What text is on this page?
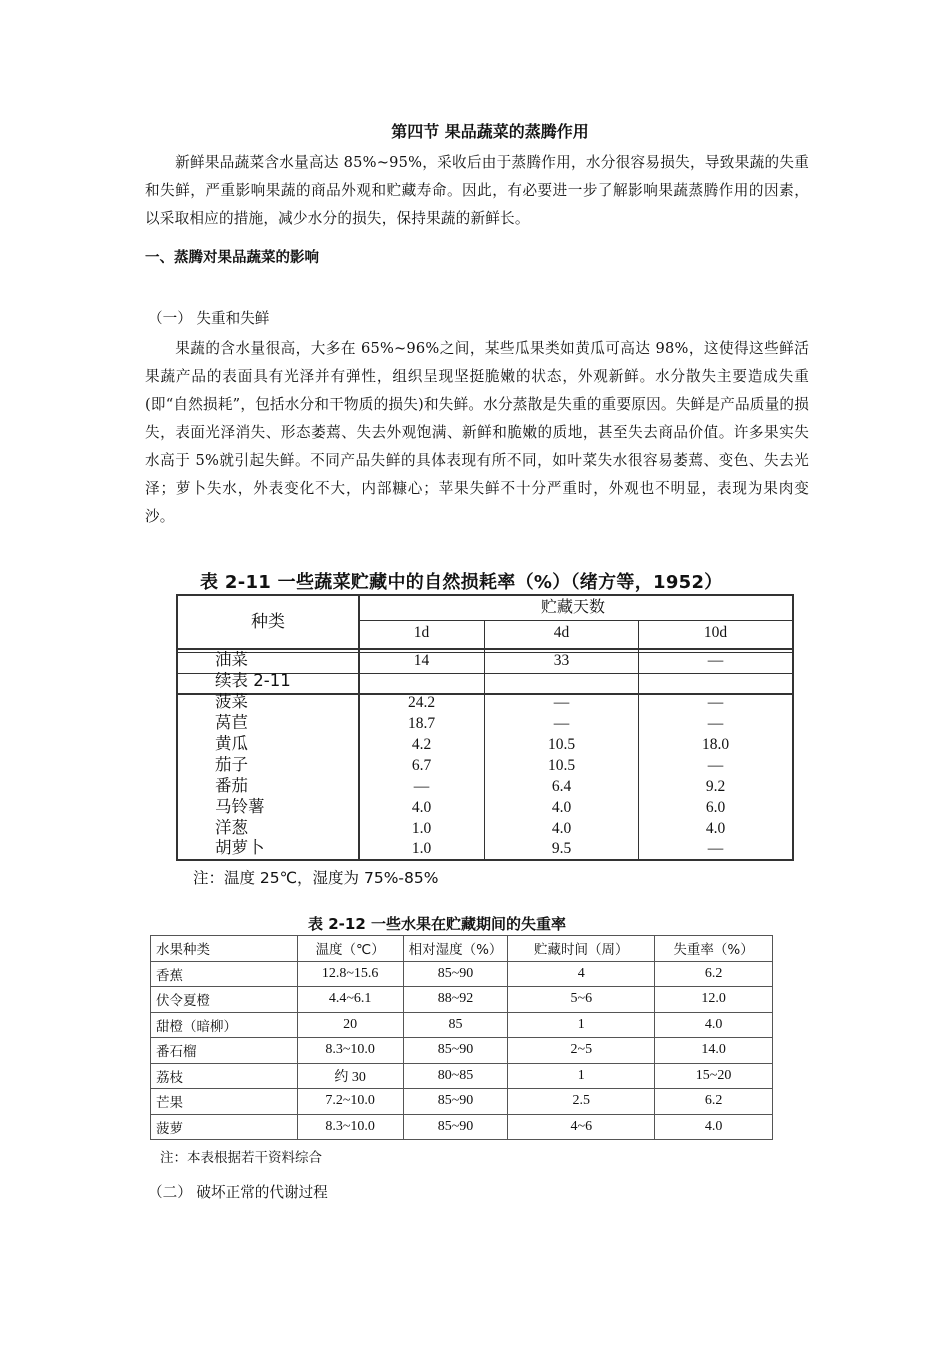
第四节 果品蔬菜的蒸腾作用
新鲜果品蔬菜含水量高达 85%~95%，采收后由于蒸腾作用，水分很容易损失，导致果蔬的失重和失鲜，严重影响果蔬的商品外观和贮藏寿命。因此，有必要进一步了解影响果蔬蒸腾作用的因素，以采取相应的措施，减少水分的损失，保持果蔬的新鲜长。
一、蒸腾对果品蔬菜的影响
（一） 失重和失鲜
果蔬的含水量很高，大多在 65%~96%之间，某些瓜果类如黄瓜可高达 98%，这使得这些鲜活果蔬产品的表面具有光泽并有弹性，组织呈现坚挺脆嫩的状态，外观新鲜。水分散失主要造成失重(即“自然损耗”，包括水分和干物质的损失)和失鲜。水分蒸散是失重的重要原因。失鲜是产品质量的损失，表面光泽消失、形态萎蔫、失去外观饱满、新鲜和脆嫩的质地，甚至失去商品价值。许多果实失水高于 5%就引起失鲜。不同产品失鲜的具体表现有所不同，如叶菜失水很容易萎蔫、变色、失去光泽；萝卜失水，外表变化不大，内部糠心；苹果失鲜不十分严重时，外观也不明显，表现为果肉变沙。
表 2-11 一些蔬菜贮藏中的自然损耗率（%）（绪方等，1952）
种类
贮藏天数
1d	4d	10d
油菜	14	33	—
续表 2-11
菠菜	24.2	—	—
莴苣	18.7	—	—
黄瓜	4.2	10.5	18.0
茄子	6.7	10.5	—
番茄	—	6.4	9.2
马铃薯	4.0	4.0	6.0
洋葱	1.0	4.0	4.0
胡萝卜	1.0	9.5	—
注：温度 25℃，湿度为 75%-85%
表 2-12 一些水果在贮藏期间的失重率
水果种类	温度（℃）	相对湿度（%）	贮藏时间（周）	失重率（%）
香蕉	12.8~15.6	85~90	4	6.2
伏令夏橙	4.4~6.1	88~92	5~6	12.0
甜橙（暗柳）	20	85	1	4.0
番石榴	8.3~10.0	85~90	2~5	14.0
荔枝	约 30	80~85	1	15~20
芒果	7.2~10.0	85~90	2.5	6.2
菠萝	8.3~10.0	85~90	4~6	4.0
注：本表根据若干资料综合
（二） 破坏正常的代谢过程
